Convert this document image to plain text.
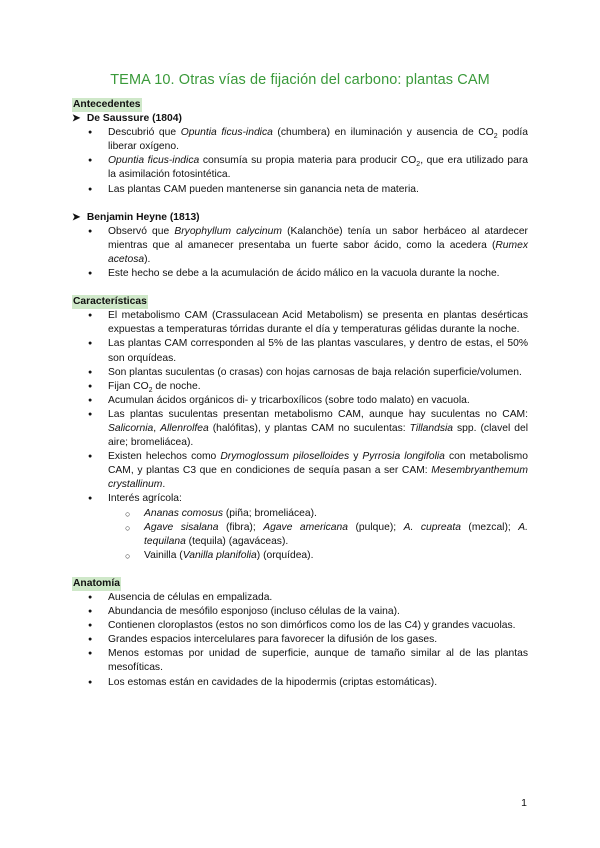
TEMA 10. Otras vías de fijación del carbono: plantas CAM
Antecedentes
➤ De Saussure (1804)
● Descubrió que Opuntia ficus-indica (chumbera) en iluminación y ausencia de $CO_2$ podía liberar oxígeno.
● Opuntia ficus-indica consumía su propia materia para producir $CO_2$, que era utilizado para la asimilación fotosintética.
● Las plantas CAM pueden mantenerse sin ganancia neta de materia.
➤ Benjamin Heyne (1813)
● Observó que Bryophyllum calycinum (Kalanchöe) tenía un sabor herbáceo al atardecer mientras que al amanecer presentaba un fuerte sabor ácido, como la acedera (Rumex acetosa).
● Este hecho se debe a la acumulación de ácido málico en la vacuola durante la noche.
Características
● El metabolismo CAM (Crassulacean Acid Metabolism) se presenta en plantas desérticas expuestas a temperaturas tórridas durante el día y temperaturas gélidas durante la noche.
● Las plantas CAM corresponden al 5% de las plantas vasculares, y dentro de estas, el 50% son orquídeas.
● Son plantas suculentas (o crasas) con hojas carnosas de baja relación superficie/volumen.
● Fijan $CO_2$ de noche.
● Acumulan ácidos orgánicos di- y tricarboxílicos (sobre todo malato) en vacuola.
● Las plantas suculentas presentan metabolismo CAM, aunque hay suculentas no CAM: Salicornia, Allenrolfea (halófitas), y plantas CAM no suculentas: Tillandsia spp. (clavel del aire; bromeliácea).
● Existen helechos como Drymoglossum piloselloides y Pyrrosia longifolia con metabolismo CAM, y plantas C3 que en condiciones de sequía pasan a ser CAM: Mesembryanthemum crystallinum.
● Interés agrícola:
○ Ananas comosus (piña; bromeliácea).
○ Agave sisalana (fibra); Agave americana (pulque); A. cupreata (mezcal); A. tequilana (tequila) (agaváceas).
○ Vainilla (Vanilla planifolia) (orquídea).
Anatomía
● Ausencia de células en empalizada.
● Abundancia de mesófilo esponjoso (incluso células de la vaina).
● Contienen cloroplastos (estos no son dimórficos como los de las C4) y grandes vacuolas.
● Grandes espacios intercelulares para favorecer la difusión de los gases.
● Menos estomas por unidad de superficie, aunque de tamaño similar al de las plantas mesofíticas.
● Los estomas están en cavidades de la hipodermis (criptas estomáticas).
1
